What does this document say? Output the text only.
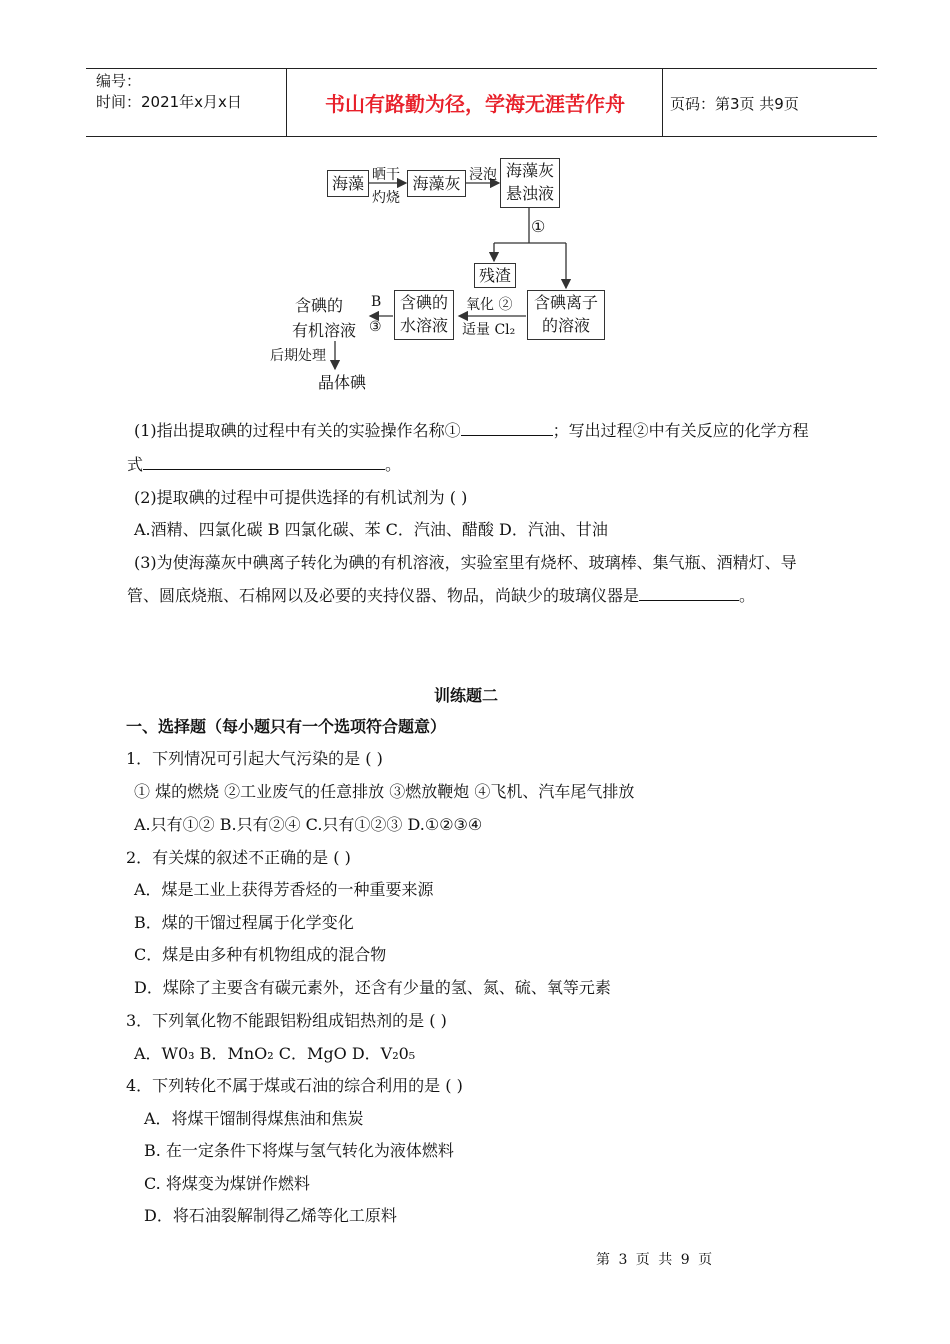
编号：
时间：2021年x月x日	书山有路勤为径，学海无涯苦作舟	页码：第3页 共9页
海藻 晒干
灼烧
海藻灰 浸泡 海藻灰
悬浊液
①
残渣
含碘离子
的溶液
氧化 ②
适量 Cl₂
含碘的
水溶液
B
③
含碘的
有机溶液
后期处理
晶体碘
(1)指出提取碘的过程中有关的实验操作名称①	；写出过程②中有关反应的化学方程
式	。
(2)提取碘的过程中可提供选择的有机试剂为 ( )
A.酒精、四氯化碳 B 四氯化碳、苯 C．汽油、醋酸 D．汽油、甘油
(3)为使海藻灰中碘离子转化为碘的有机溶液，实验室里有烧杯、玻璃棒、集气瓶、酒精灯、导
管、圆底烧瓶、石棉网以及必要的夹持仪器、物品，尚缺少的玻璃仪器是	。
训练题二
一、选择题（每小题只有一个选项符合题意）
1．下列情况可引起大气污染的是 ( )
① 煤的燃烧 ②工业废气的任意排放 ③燃放鞭炮 ④飞机、汽车尾气排放
A.只有①② B.只有②④ C.只有①②③ D.①②③④
2．有关煤的叙述不正确的是 ( )
A．煤是工业上获得芳香烃的一种重要来源
B．煤的干馏过程属于化学变化
C．煤是由多种有机物组成的混合物
D．煤除了主要含有碳元素外，还含有少量的氢、氮、硫、氧等元素
3．下列氧化物不能跟铝粉组成铝热剂的是 ( )
A．W0₃ B．MnO₂ C．MgO D．V₂0₅
4．下列转化不属于煤或石油的综合利用的是 ( )
A．将煤干馏制得煤焦油和焦炭
B. 在一定条件下将煤与氢气转化为液体燃料
C. 将煤变为煤饼作燃料
D．将石油裂解制得乙烯等化工原料
第 3 页 共 9 页
